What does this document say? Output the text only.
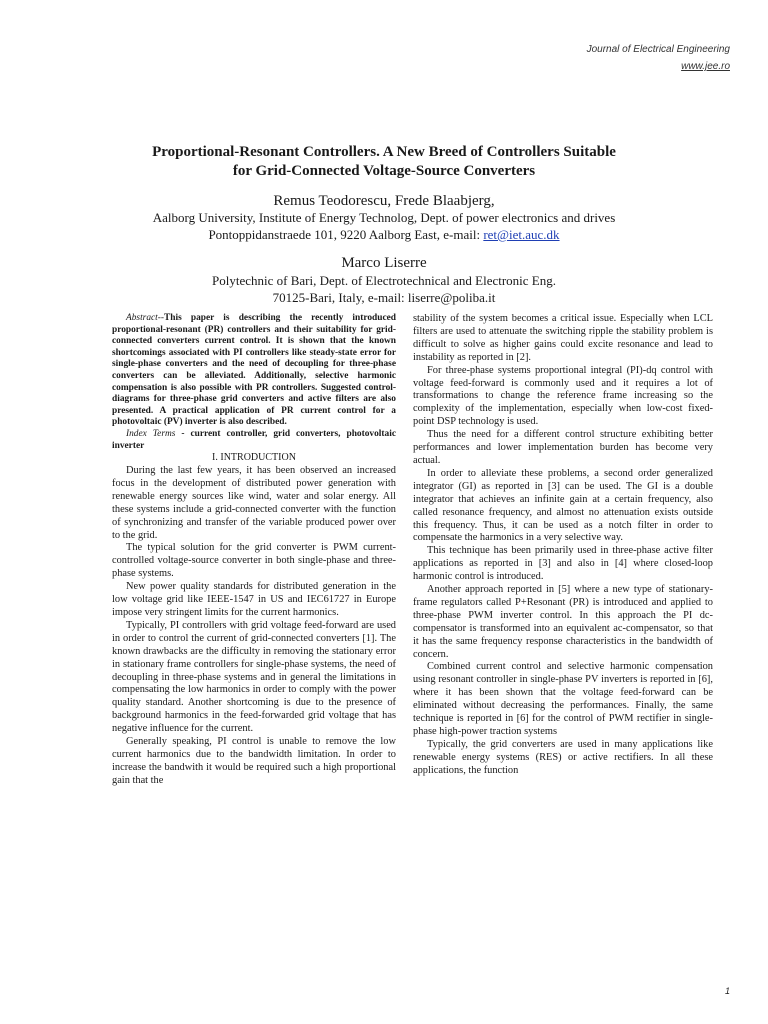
Journal of Electrical Engineering
www.jee.ro
Proportional-Resonant Controllers. A New Breed of Controllers Suitable
for Grid-Connected Voltage-Source Converters
Remus Teodorescu, Frede Blaabjerg,
Aalborg University, Institute of Energy Technolog, Dept. of power electronics and drives
Pontoppidanstraede 101, 9220 Aalborg East, e-mail: ret@iet.auc.dk
Marco Liserre
Polytechnic of Bari, Dept. of Electrotechnical and Electronic Eng.
70125-Bari, Italy, e-mail: liserre@poliba.it

Abstract--This paper is describing the recently introduced proportional-resonant (PR) controllers and their suitability for grid-connected converters current control. It is shown that the known shortcomings associated with PI controllers like steady-state error for single-phase converters and the need of decoupling for three-phase converters can be alleviated. Additionally, selective harmonic compensation is also possible with PR controllers. Suggested control-diagrams for three-phase grid converters and active filters are also presented. A practical application of PR current control for a photovoltaic (PV) inverter is also described.

Index Terms - current controller, grid converters, photovoltaic inverter

I. INTRODUCTION

During the last few years, it has been observed an increased focus in the development of distributed power generation with renewable energy sources like wind, water and solar energy. All these systems include a grid-connected converter with the function of synchronizing and transfer of the variable produced power over to the grid.

The typical solution for the grid converter is PWM current-controlled voltage-source converter in both single-phase and three-phase systems.

New power quality standards for distributed generation in the low voltage grid like IEEE-1547 in US and IEC61727 in Europe impose very stringent limits for the current harmonics.

Typically, PI controllers with grid voltage feed-forward are used in order to control the current of grid-connected converters [1]. The known drawbacks are the difficulty in removing the stationary error in stationary frame controllers for single-phase systems, the need of decoupling in three-phase systems and in general the limitations in compensating the low harmonics in order to comply with the power quality standard. Another shortcoming is due to the presence of background harmonics in the feed-forwarded grid voltage that has negative influence for the current.

Generally speaking, PI control is unable to remove the low current harmonics due to the bandwidth limitation. In order to increase the bandwith it would be required such a high proportional gain that the

stability of the system becomes a critical issue. Especially when LCL filters are used to attenuate the switching ripple the stability problem is difficult to solve as higher gains could excite resonance and lead to instability as reported in [2].

For three-phase systems proportional integral (PI)-dq control with voltage feed-forward is commonly used and it requires a lot of transformations to change the reference frame increasing so the complexity of the implementation, especially when low-cost fixed-point DSP technology is used.

Thus the need for a different control structure exhibiting better performances and lower implementation burden has become very actual.

In order to alleviate these problems, a second order generalized integrator (GI) as reported in [3] can be used. The GI is a double integrator that achieves an infinite gain at a certain frequency, also called resonance frequency, and almost no attenuation exists outside this frequency. Thus, it can be used as a notch filter in order to compensate the harmonics in a very selective way.

This technique has been primarily used in three-phase active filter applications as reported in [3] and also in [4] where closed-loop harmonic control is introduced.

Another approach reported in [5] where a new type of stationary-frame regulators called P+Resonant (PR) is introduced and applied to three-phase PWM inverter control. In this approach the PI dc-compensator is transformed into an equivalent ac-compensator, so that it has the same frequency response characteristics in the bandwidth of concern.

Combined current control and selective harmonic compensation using resonant controller in single-phase PV inverters is reported in [6], where it has been shown that the voltage feed-forward can be eliminated without decreasing the performances. Finally, the same technique is reported in [6] for the control of PWM rectifier in single-phase high-power traction systems

Typically, the grid converters are used in many applications like renewable energy systems (RES) or active rectifiers. In all these applications, the function

1
